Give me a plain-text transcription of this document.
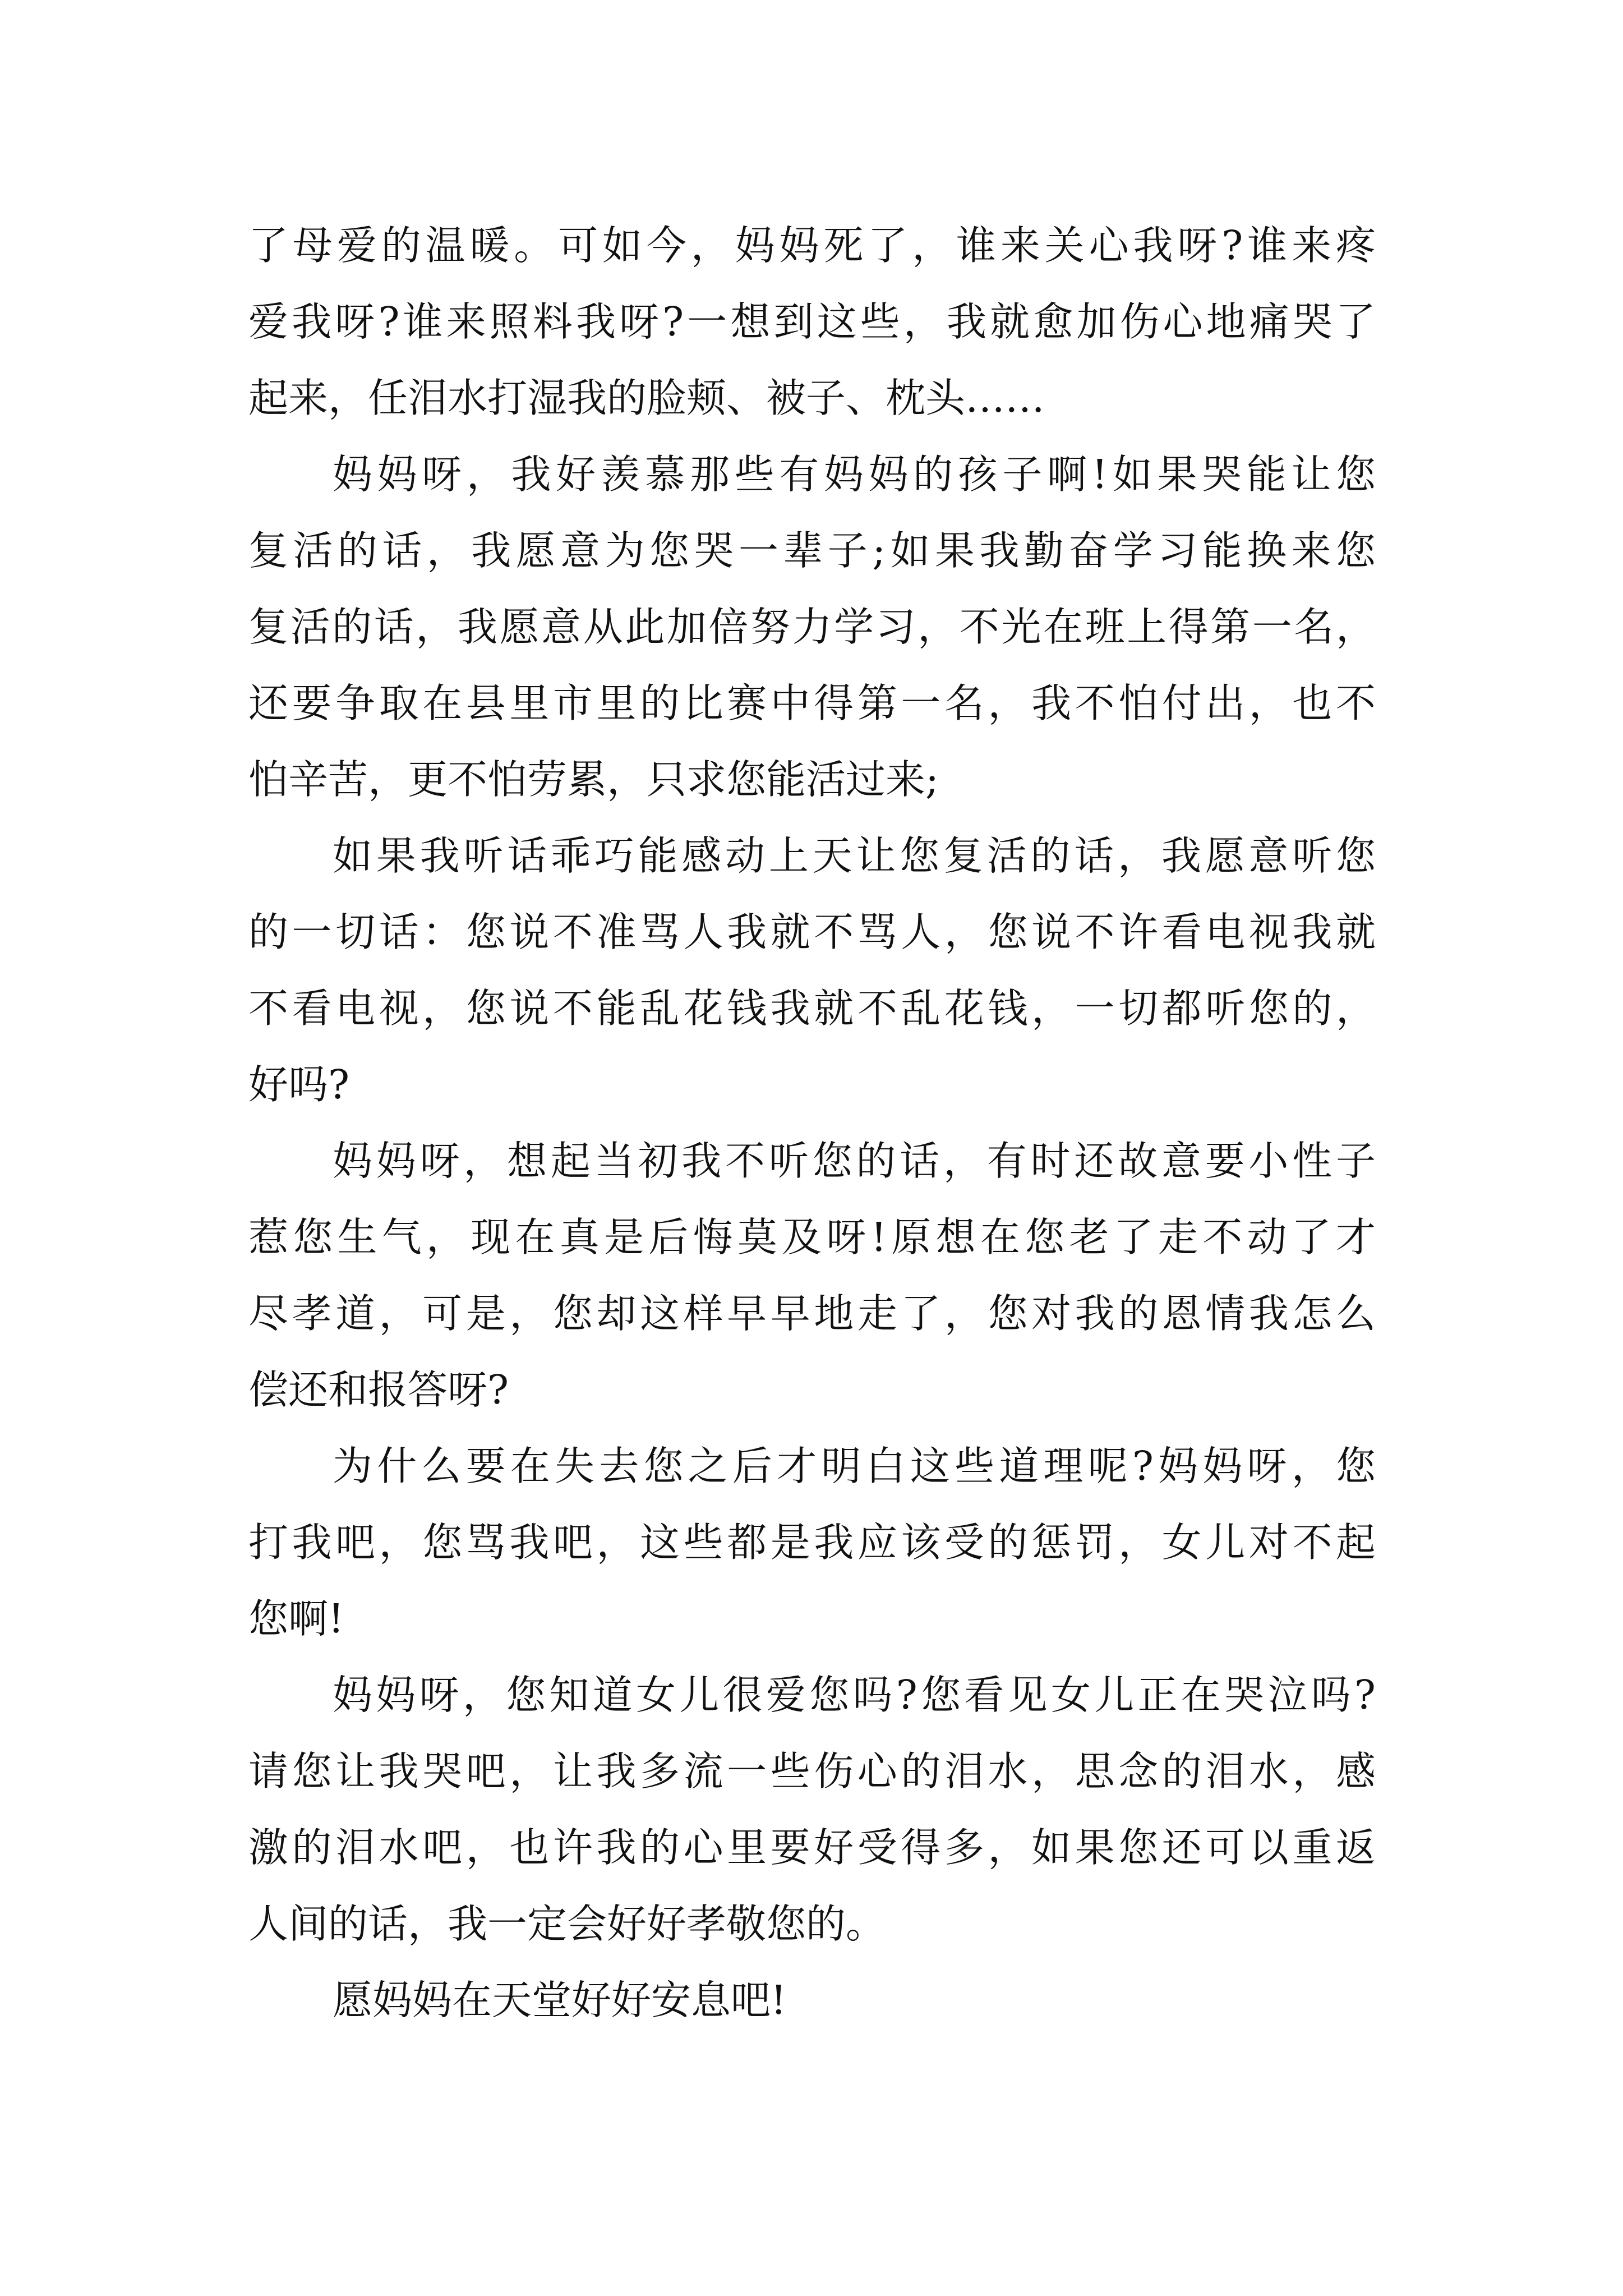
了母爱的温暖。可如今，妈妈死了，谁来关心我呀?谁来疼
爱我呀?谁来照料我呀?一想到这些，我就愈加伤心地痛哭了
起来，任泪水打湿我的脸颊、被子、枕头……
妈妈呀，我好羡慕那些有妈妈的孩子啊!如果哭能让您
复活的话，我愿意为您哭一辈子;如果我勤奋学习能换来您
复活的话，我愿意从此加倍努力学习，不光在班上得第一名，
还要争取在县里市里的比赛中得第一名，我不怕付出，也不
怕辛苦，更不怕劳累，只求您能活过来;
如果我听话乖巧能感动上天让您复活的话，我愿意听您
的一切话：您说不准骂人我就不骂人，您说不许看电视我就
不看电视，您说不能乱花钱我就不乱花钱，一切都听您的，
好吗?
妈妈呀，想起当初我不听您的话，有时还故意要小性子
惹您生气，现在真是后悔莫及呀!原想在您老了走不动了才
尽孝道，可是，您却这样早早地走了，您对我的恩情我怎么
偿还和报答呀?
为什么要在失去您之后才明白这些道理呢?妈妈呀，您
打我吧，您骂我吧，这些都是我应该受的惩罚，女儿对不起
您啊!
妈妈呀，您知道女儿很爱您吗?您看见女儿正在哭泣吗?
请您让我哭吧，让我多流一些伤心的泪水，思念的泪水，感
激的泪水吧，也许我的心里要好受得多，如果您还可以重返
人间的话，我一定会好好孝敬您的。
愿妈妈在天堂好好安息吧!
